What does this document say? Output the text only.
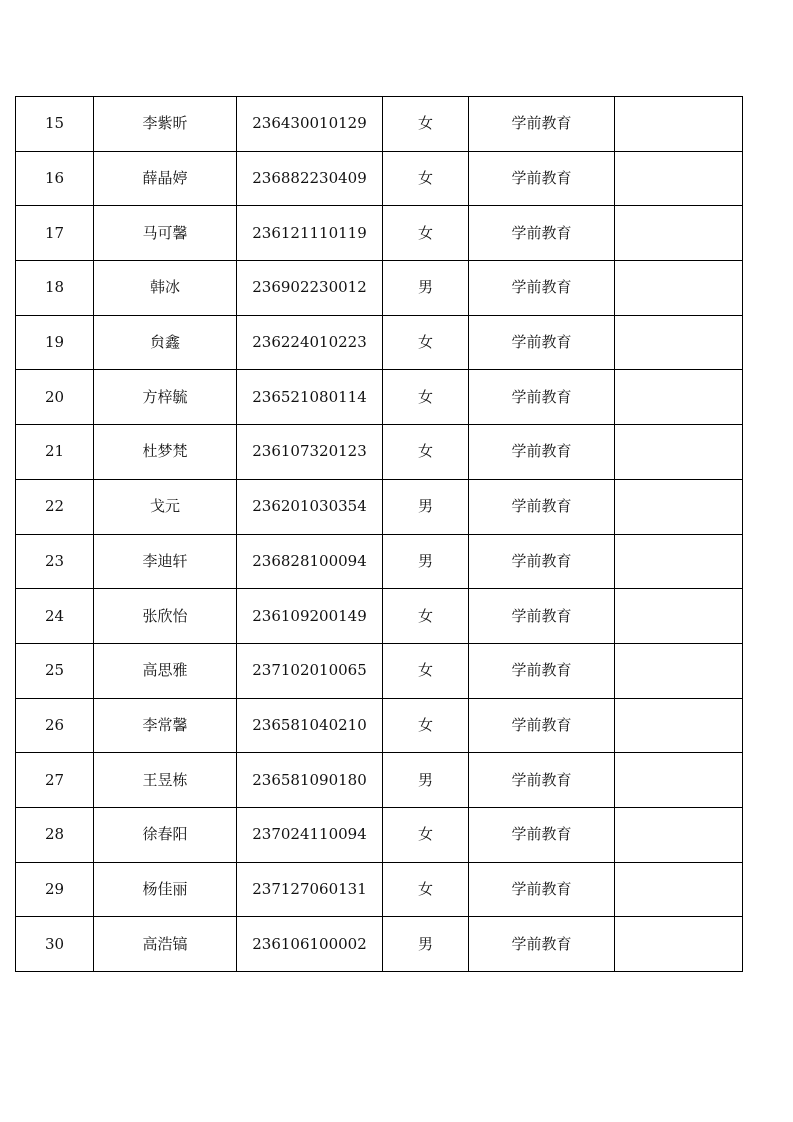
15	李紫昕	236430010129	女	学前教育	
16	薛晶婷	236882230409	女	学前教育	
17	马可馨	236121110119	女	学前教育	
18	韩冰	236902230012	男	学前教育	
19	贠鑫	236224010223	女	学前教育	
20	方梓毓	236521080114	女	学前教育	
21	杜梦梵	236107320123	女	学前教育	
22	戈元	236201030354	男	学前教育	
23	李迪轩	236828100094	男	学前教育	
24	张欣怡	236109200149	女	学前教育	
25	高思雅	237102010065	女	学前教育	
26	李常馨	236581040210	女	学前教育	
27	王昱栋	236581090180	男	学前教育	
28	徐春阳	237024110094	女	学前教育	
29	杨佳丽	237127060131	女	学前教育	
30	高浩镐	236106100002	男	学前教育	
